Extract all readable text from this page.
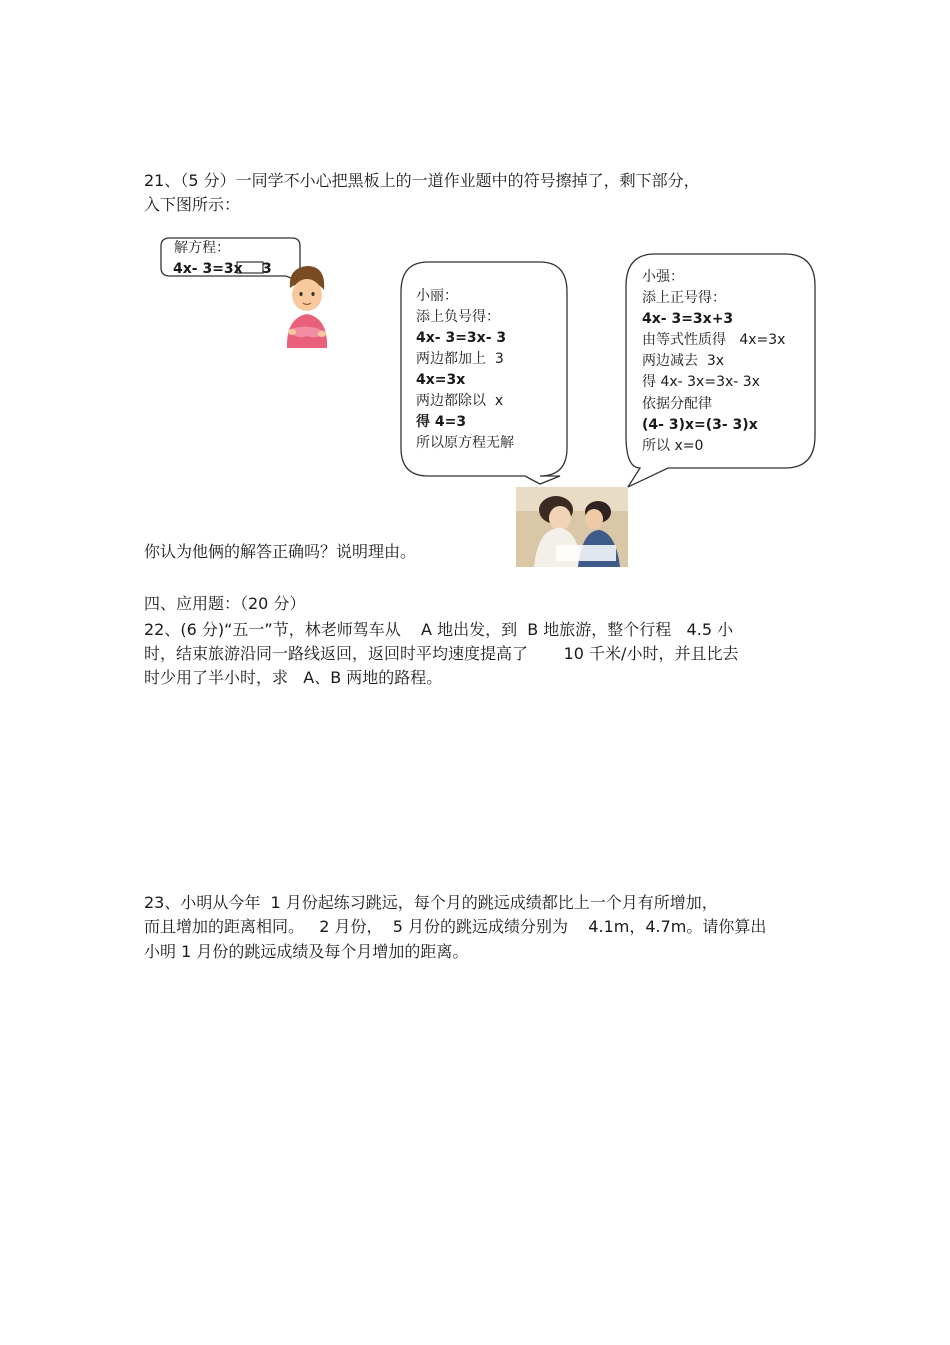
21、（5 分）一同学不小心把黑板上的一道作业题中的符号擦掉了，剩下部分，
入下图所示：
解方程：
4x- 3=3x 3
小丽：
添上负号得：
4x- 3=3x- 3
两边都加上  3
4x=3x
两边都除以  x
得 4=3
所以原方程无解
小强：
添上正号得：
4x- 3=3x+3
由等式性质得   4x=3x
两边减去  3x
得 4x- 3x=3x- 3x
依据分配律
(4- 3)x=(3- 3)x
所以 x=0
你认为他俩的解答正确吗？说明理由。
四、应用题：（20 分）
22、(6 分)“五一”节，林老师驾车从    A 地出发，到  B 地旅游，整个行程   4.5 小
时，结束旅游沿同一路线返回，返回时平均速度提高了       10 千米/小时，并且比去
时少用了半小时，求   A、B 两地的路程。
23、小明从今年  1 月份起练习跳远，每个月的跳远成绩都比上一个月有所增加，
而且增加的距离相同。   2 月份，  5 月份的跳远成绩分别为    4.1m，4.7m。请你算出
小明 1 月份的跳远成绩及每个月增加的距离。
